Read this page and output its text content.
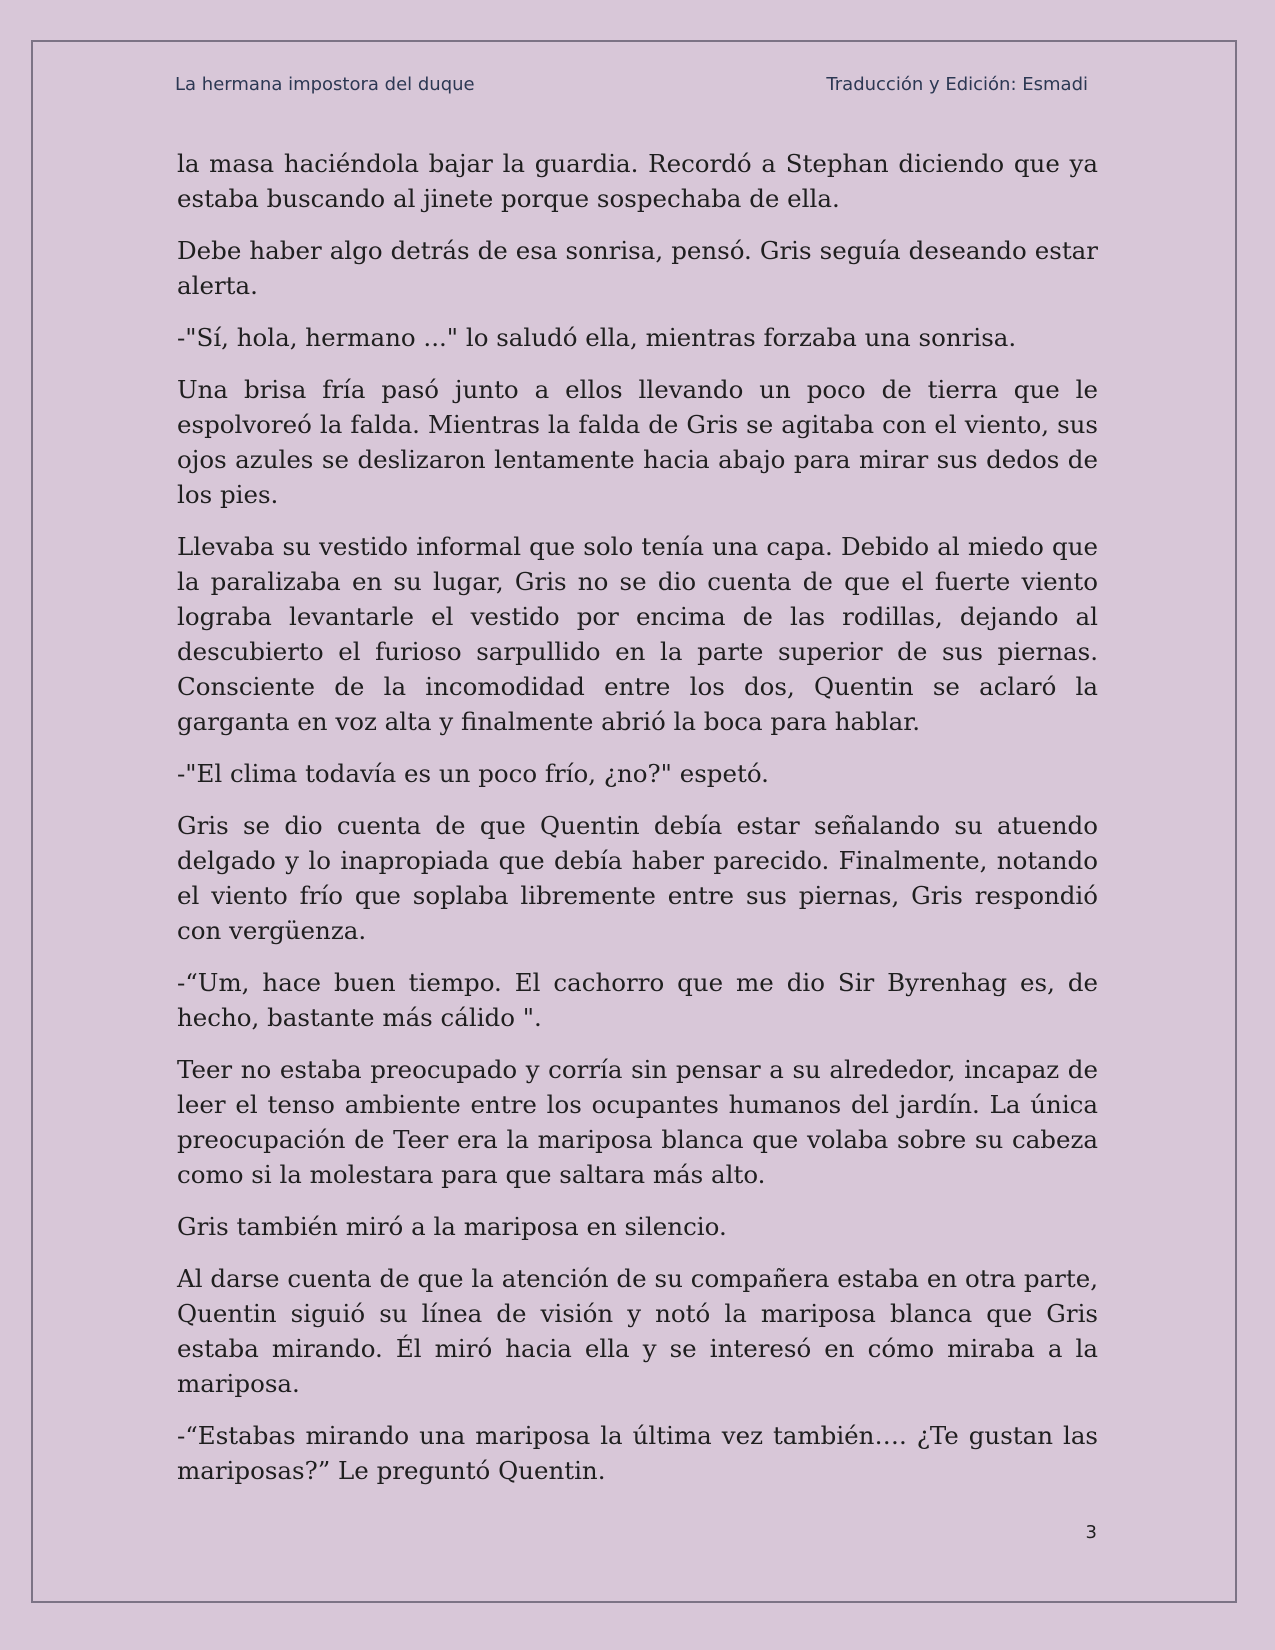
La hermana impostora del duque	Traducción y Edición: Esmadi

la masa haciéndola bajar la guardia. Recordó a Stephan diciendo que ya estaba buscando al jinete porque sospechaba de ella.

Debe haber algo detrás de esa sonrisa, pensó. Gris seguía deseando estar alerta.

-"Sí, hola, hermano ..." lo saludó ella, mientras forzaba una sonrisa.

Una brisa fría pasó junto a ellos llevando un poco de tierra que le espolvoreó la falda. Mientras la falda de Gris se agitaba con el viento, sus ojos azules se deslizaron lentamente hacia abajo para mirar sus dedos de los pies.

Llevaba su vestido informal que solo tenía una capa. Debido al miedo que la paralizaba en su lugar, Gris no se dio cuenta de que el fuerte viento lograba levantarle el vestido por encima de las rodillas, dejando al descubierto el furioso sarpullido en la parte superior de sus piernas. Consciente de la incomodidad entre los dos, Quentin se aclaró la garganta en voz alta y finalmente abrió la boca para hablar.

-"El clima todavía es un poco frío, ¿no?" espetó.

Gris se dio cuenta de que Quentin debía estar señalando su atuendo delgado y lo inapropiada que debía haber parecido. Finalmente, notando el viento frío que soplaba libremente entre sus piernas, Gris respondió con vergüenza.

-“Um, hace buen tiempo. El cachorro que me dio Sir Byrenhag es, de hecho, bastante más cálido ".

Teer no estaba preocupado y corría sin pensar a su alrededor, incapaz de leer el tenso ambiente entre los ocupantes humanos del jardín. La única preocupación de Teer era la mariposa blanca que volaba sobre su cabeza como si la molestara para que saltara más alto.

Gris también miró a la mariposa en silencio.

Al darse cuenta de que la atención de su compañera estaba en otra parte, Quentin siguió su línea de visión y notó la mariposa blanca que Gris estaba mirando. Él miró hacia ella y se interesó en cómo miraba a la mariposa.

-“Estabas mirando una mariposa la última vez también…. ¿Te gustan las mariposas?” Le preguntó Quentin.

3
